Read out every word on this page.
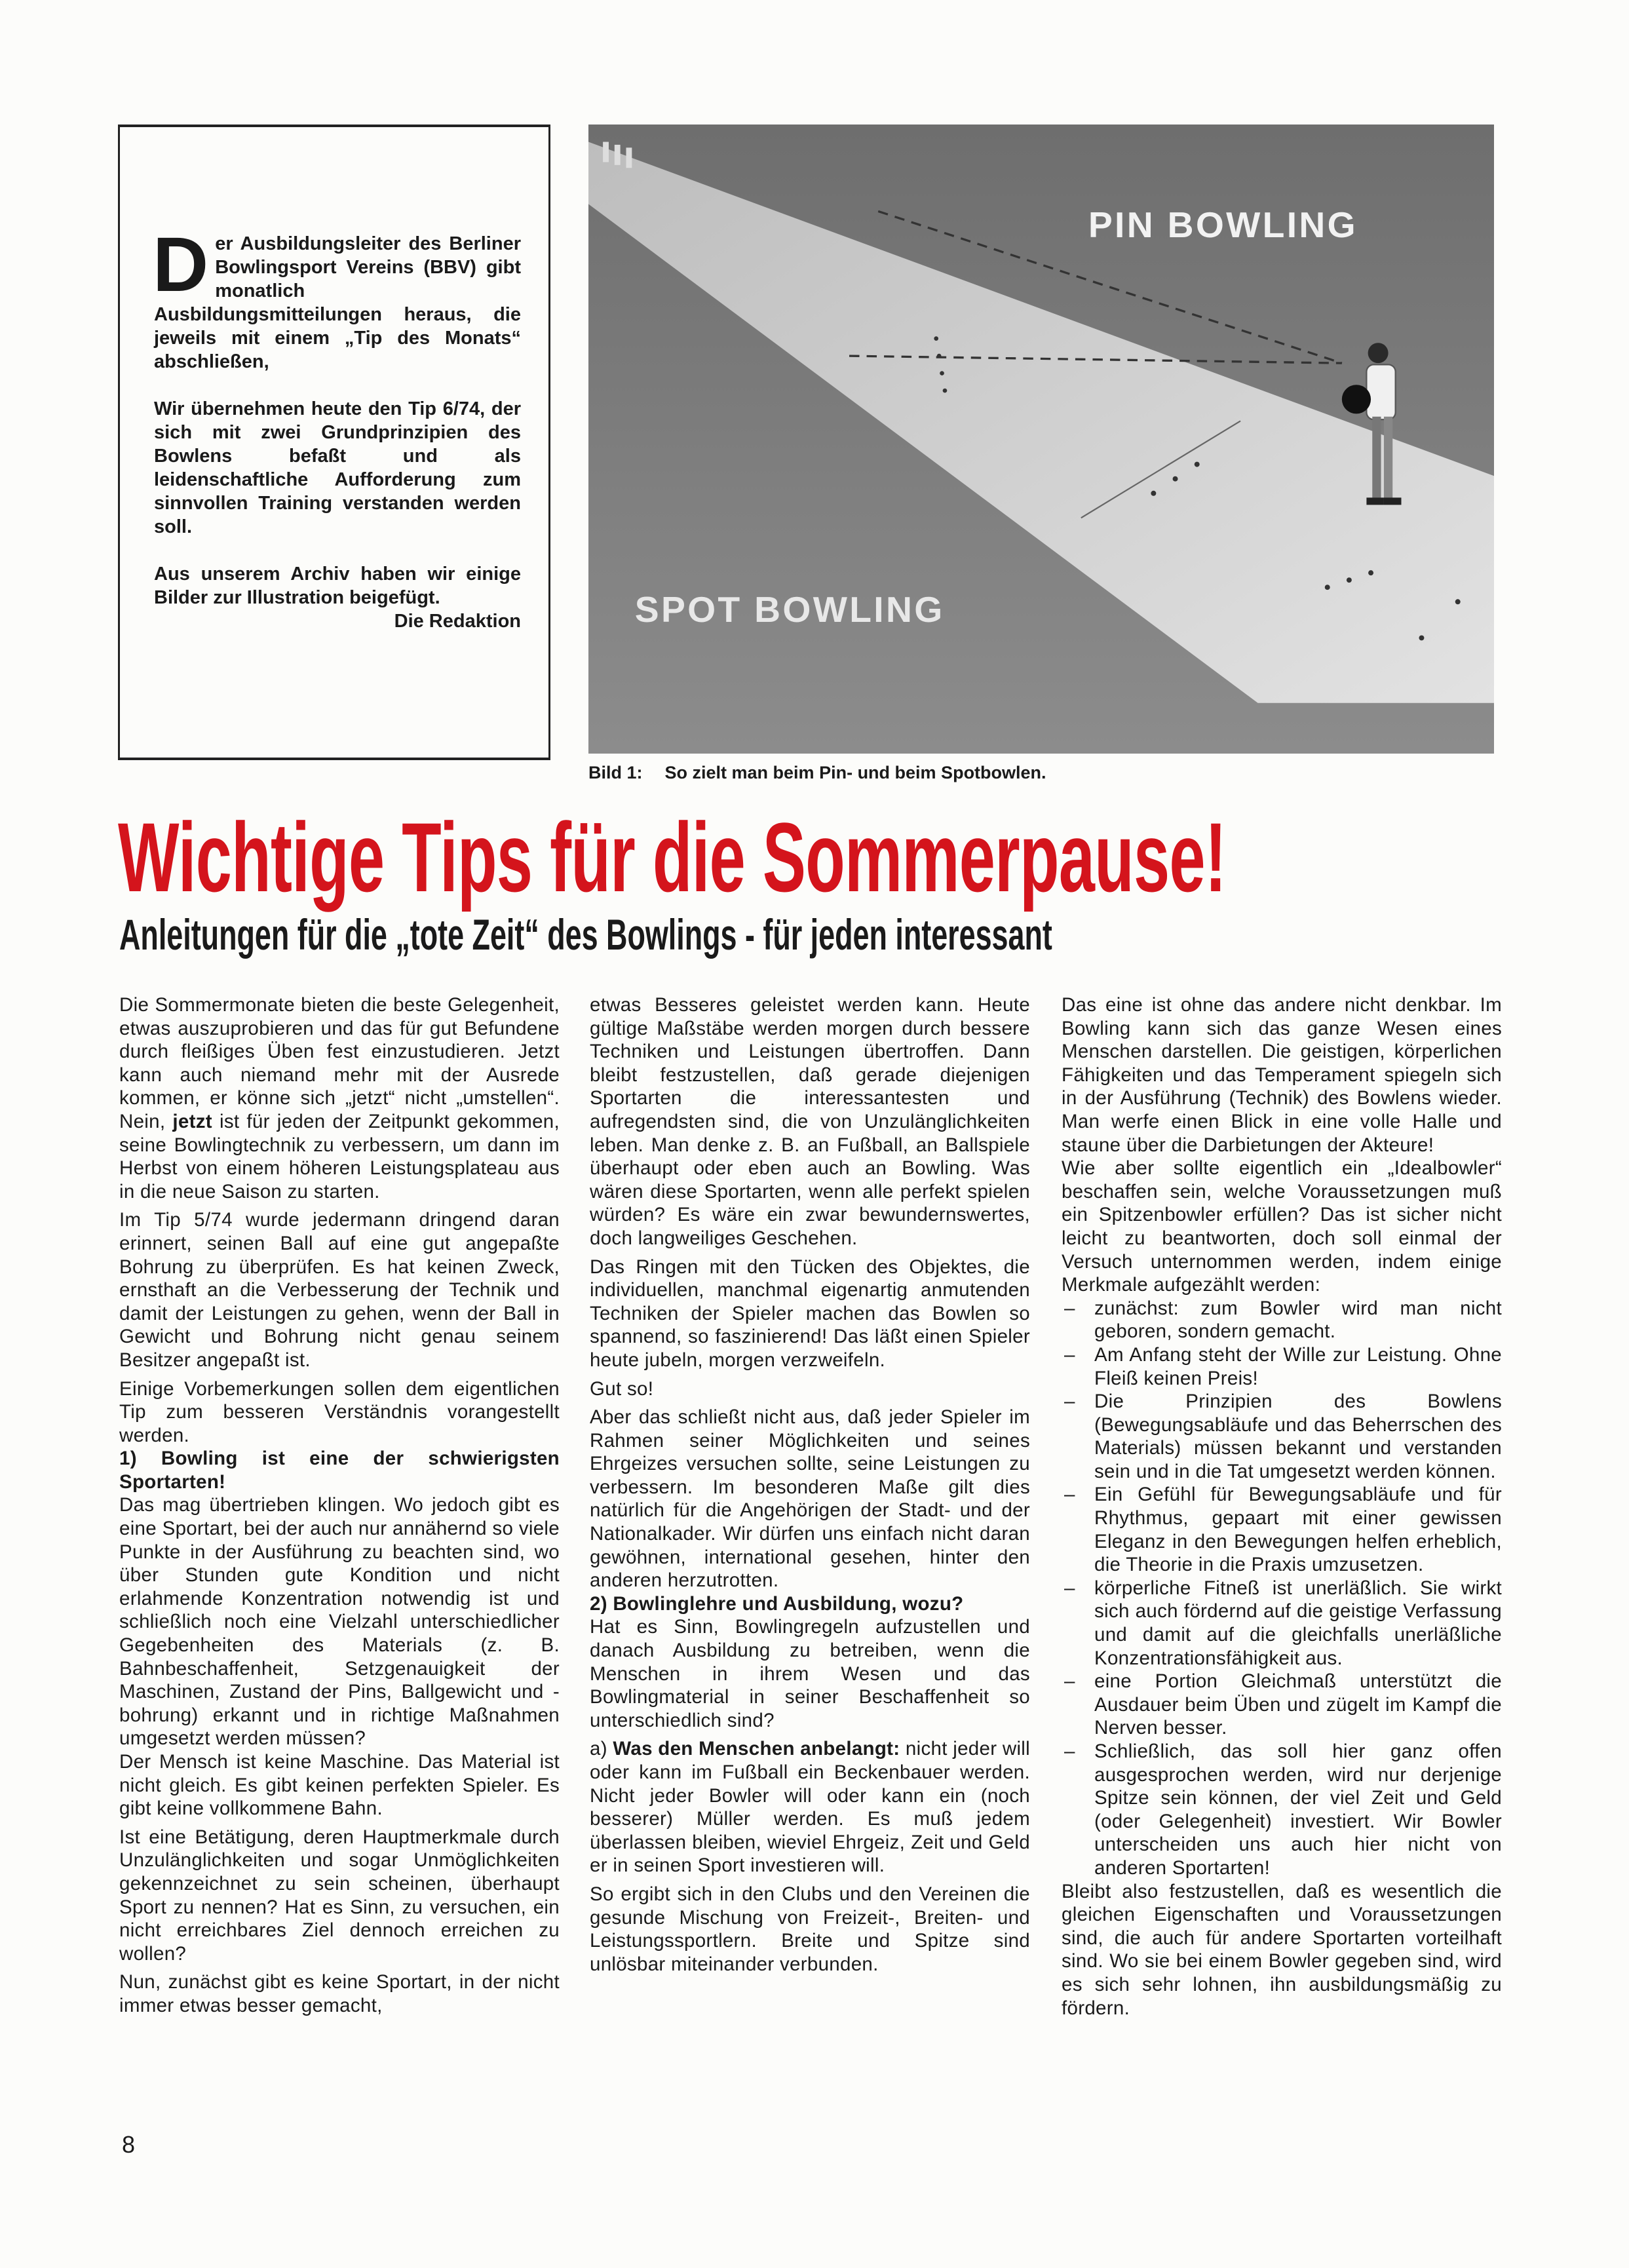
Der Ausbildungsleiter des Berliner Bowlingsport Vereins (BBV) gibt monatlich Ausbildungsmitteilungen heraus, die jeweils mit einem „Tip des Monats“ abschließen,

Wir übernehmen heute den Tip 6/74, der sich mit zwei Grundprinzipien des Bowlens befaßt und als leidenschaftliche Aufforderung zum sinnvollen Training verstanden werden soll.

Aus unserem Archiv haben wir einige Bilder zur Illustration beigefügt.

Die Redaktion
PIN BOWLING
SPOT BOWLING
Bild 1: So zielt man beim Pin- und beim Spotbowlen.
Wichtige Tips für die Sommerpause!
Anleitungen für die „tote Zeit“ des Bowlings - für jeden interessant

Die Sommermonate bieten die beste Gelegenheit, etwas auszuprobieren und das für gut Befundene durch fleißiges Üben fest einzustudieren. Jetzt kann auch niemand mehr mit der Ausrede kommen, er könne sich „jetzt“ nicht „umstellen“. Nein, jetzt ist für jeden der Zeitpunkt gekommen, seine Bowlingtechnik zu verbessern, um dann im Herbst von einem höheren Leistungsplateau aus in die neue Saison zu starten.

Im Tip 5/74 wurde jedermann dringend daran erinnert, seinen Ball auf eine gut angepaßte Bohrung zu überprüfen. Es hat keinen Zweck, ernsthaft an die Verbesserung der Technik und damit der Leistungen zu gehen, wenn der Ball in Gewicht und Bohrung nicht genau seinem Besitzer angepaßt ist.

Einige Vorbemerkungen sollen dem eigentlichen Tip zum besseren Verständnis vorangestellt werden.

1) Bowling ist eine der schwierigsten Sportarten!

Das mag übertrieben klingen. Wo jedoch gibt es eine Sportart, bei der auch nur annähernd so viele Punkte in der Ausführung zu beachten sind, wo über Stunden gute Kondition und nicht erlahmende Konzentration notwendig ist und schließlich noch eine Vielzahl unterschiedlicher Gegebenheiten des Materials (z. B. Bahnbeschaffenheit, Setzgenauigkeit der Maschinen, Zustand der Pins, Ballgewicht und -bohrung) erkannt und in richtige Maßnahmen umgesetzt werden müssen?

Der Mensch ist keine Maschine. Das Material ist nicht gleich. Es gibt keinen perfekten Spieler. Es gibt keine vollkommene Bahn.

Ist eine Betätigung, deren Hauptmerkmale durch Unzulänglichkeiten und sogar Unmöglichkeiten gekennzeichnet zu sein scheinen, überhaupt Sport zu nennen? Hat es Sinn, zu versuchen, ein nicht erreichbares Ziel dennoch erreichen zu wollen?

Nun, zunächst gibt es keine Sportart, in der nicht immer etwas besser gemacht,

etwas Besseres geleistet werden kann. Heute gültige Maßstäbe werden morgen durch bessere Techniken und Leistungen übertroffen. Dann bleibt festzustellen, daß gerade diejenigen Sportarten die interessantesten und aufregendsten sind, die von Unzulänglichkeiten leben. Man denke z. B. an Fußball, an Ballspiele überhaupt oder eben auch an Bowling. Was wären diese Sportarten, wenn alle perfekt spielen würden? Es wäre ein zwar bewundernswertes, doch langweiliges Geschehen.

Das Ringen mit den Tücken des Objektes, die individuellen, manchmal eigenartig anmutenden Techniken der Spieler machen das Bowlen so spannend, so faszinierend! Das läßt einen Spieler heute jubeln, morgen verzweifeln.

Gut so!

Aber das schließt nicht aus, daß jeder Spieler im Rahmen seiner Möglichkeiten und seines Ehrgeizes versuchen sollte, seine Leistungen zu verbessern. Im besonderen Maße gilt dies natürlich für die Angehörigen der Stadt- und der Nationalkader. Wir dürfen uns einfach nicht daran gewöhnen, international gesehen, hinter den anderen herzutrotten.

2) Bowlinglehre und Ausbildung, wozu?

Hat es Sinn, Bowlingregeln aufzustellen und danach Ausbildung zu betreiben, wenn die Menschen in ihrem Wesen und das Bowlingmaterial in seiner Beschaffenheit so unterschiedlich sind?

a) Was den Menschen anbelangt: nicht jeder will oder kann im Fußball ein Beckenbauer werden. Nicht jeder Bowler will oder kann ein (noch besserer) Müller werden. Es muß jedem überlassen bleiben, wieviel Ehrgeiz, Zeit und Geld er in seinen Sport investieren will.

So ergibt sich in den Clubs und den Vereinen die gesunde Mischung von Freizeit-, Breiten- und Leistungssportlern. Breite und Spitze sind unlösbar miteinander verbunden.

Das eine ist ohne das andere nicht denkbar. Im Bowling kann sich das ganze Wesen eines Menschen darstellen. Die geistigen, körperlichen Fähigkeiten und das Temperament spiegeln sich in der Ausführung (Technik) des Bowlens wieder. Man werfe einen Blick in eine volle Halle und staune über die Darbietungen der Akteure!

Wie aber sollte eigentlich ein „Idealbowler“ beschaffen sein, welche Voraussetzungen muß ein Spitzenbowler erfüllen? Das ist sicher nicht leicht zu beantworten, doch soll einmal der Versuch unternommen werden, indem einige Merkmale aufgezählt werden:

– zunächst: zum Bowler wird man nicht geboren, sondern gemacht.
– Am Anfang steht der Wille zur Leistung. Ohne Fleiß keinen Preis!
– Die Prinzipien des Bowlens (Bewegungsabläufe und das Beherrschen des Materials) müssen bekannt und verstanden sein und in die Tat umgesetzt werden können.
– Ein Gefühl für Bewegungsabläufe und für Rhythmus, gepaart mit einer gewissen Eleganz in den Bewegungen helfen erheblich, die Theorie in die Praxis umzusetzen.
– körperliche Fitneß ist unerläßlich. Sie wirkt sich auch fördernd auf die geistige Verfassung und damit auf die gleichfalls unerläßliche Konzentrationsfähigkeit aus.
– eine Portion Gleichmaß unterstützt die Ausdauer beim Üben und zügelt im Kampf die Nerven besser.
– Schließlich, das soll hier ganz offen ausgesprochen werden, wird nur derjenige Spitze sein können, der viel Zeit und Geld (oder Gelegenheit) investiert. Wir Bowler unterscheiden uns auch hier nicht von anderen Sportarten!

Bleibt also festzustellen, daß es wesentlich die gleichen Eigenschaften und Voraussetzungen sind, die auch für andere Sportarten vorteilhaft sind. Wo sie bei einem Bowler gegeben sind, wird es sich sehr lohnen, ihn ausbildungsmäßig zu fördern.

8
